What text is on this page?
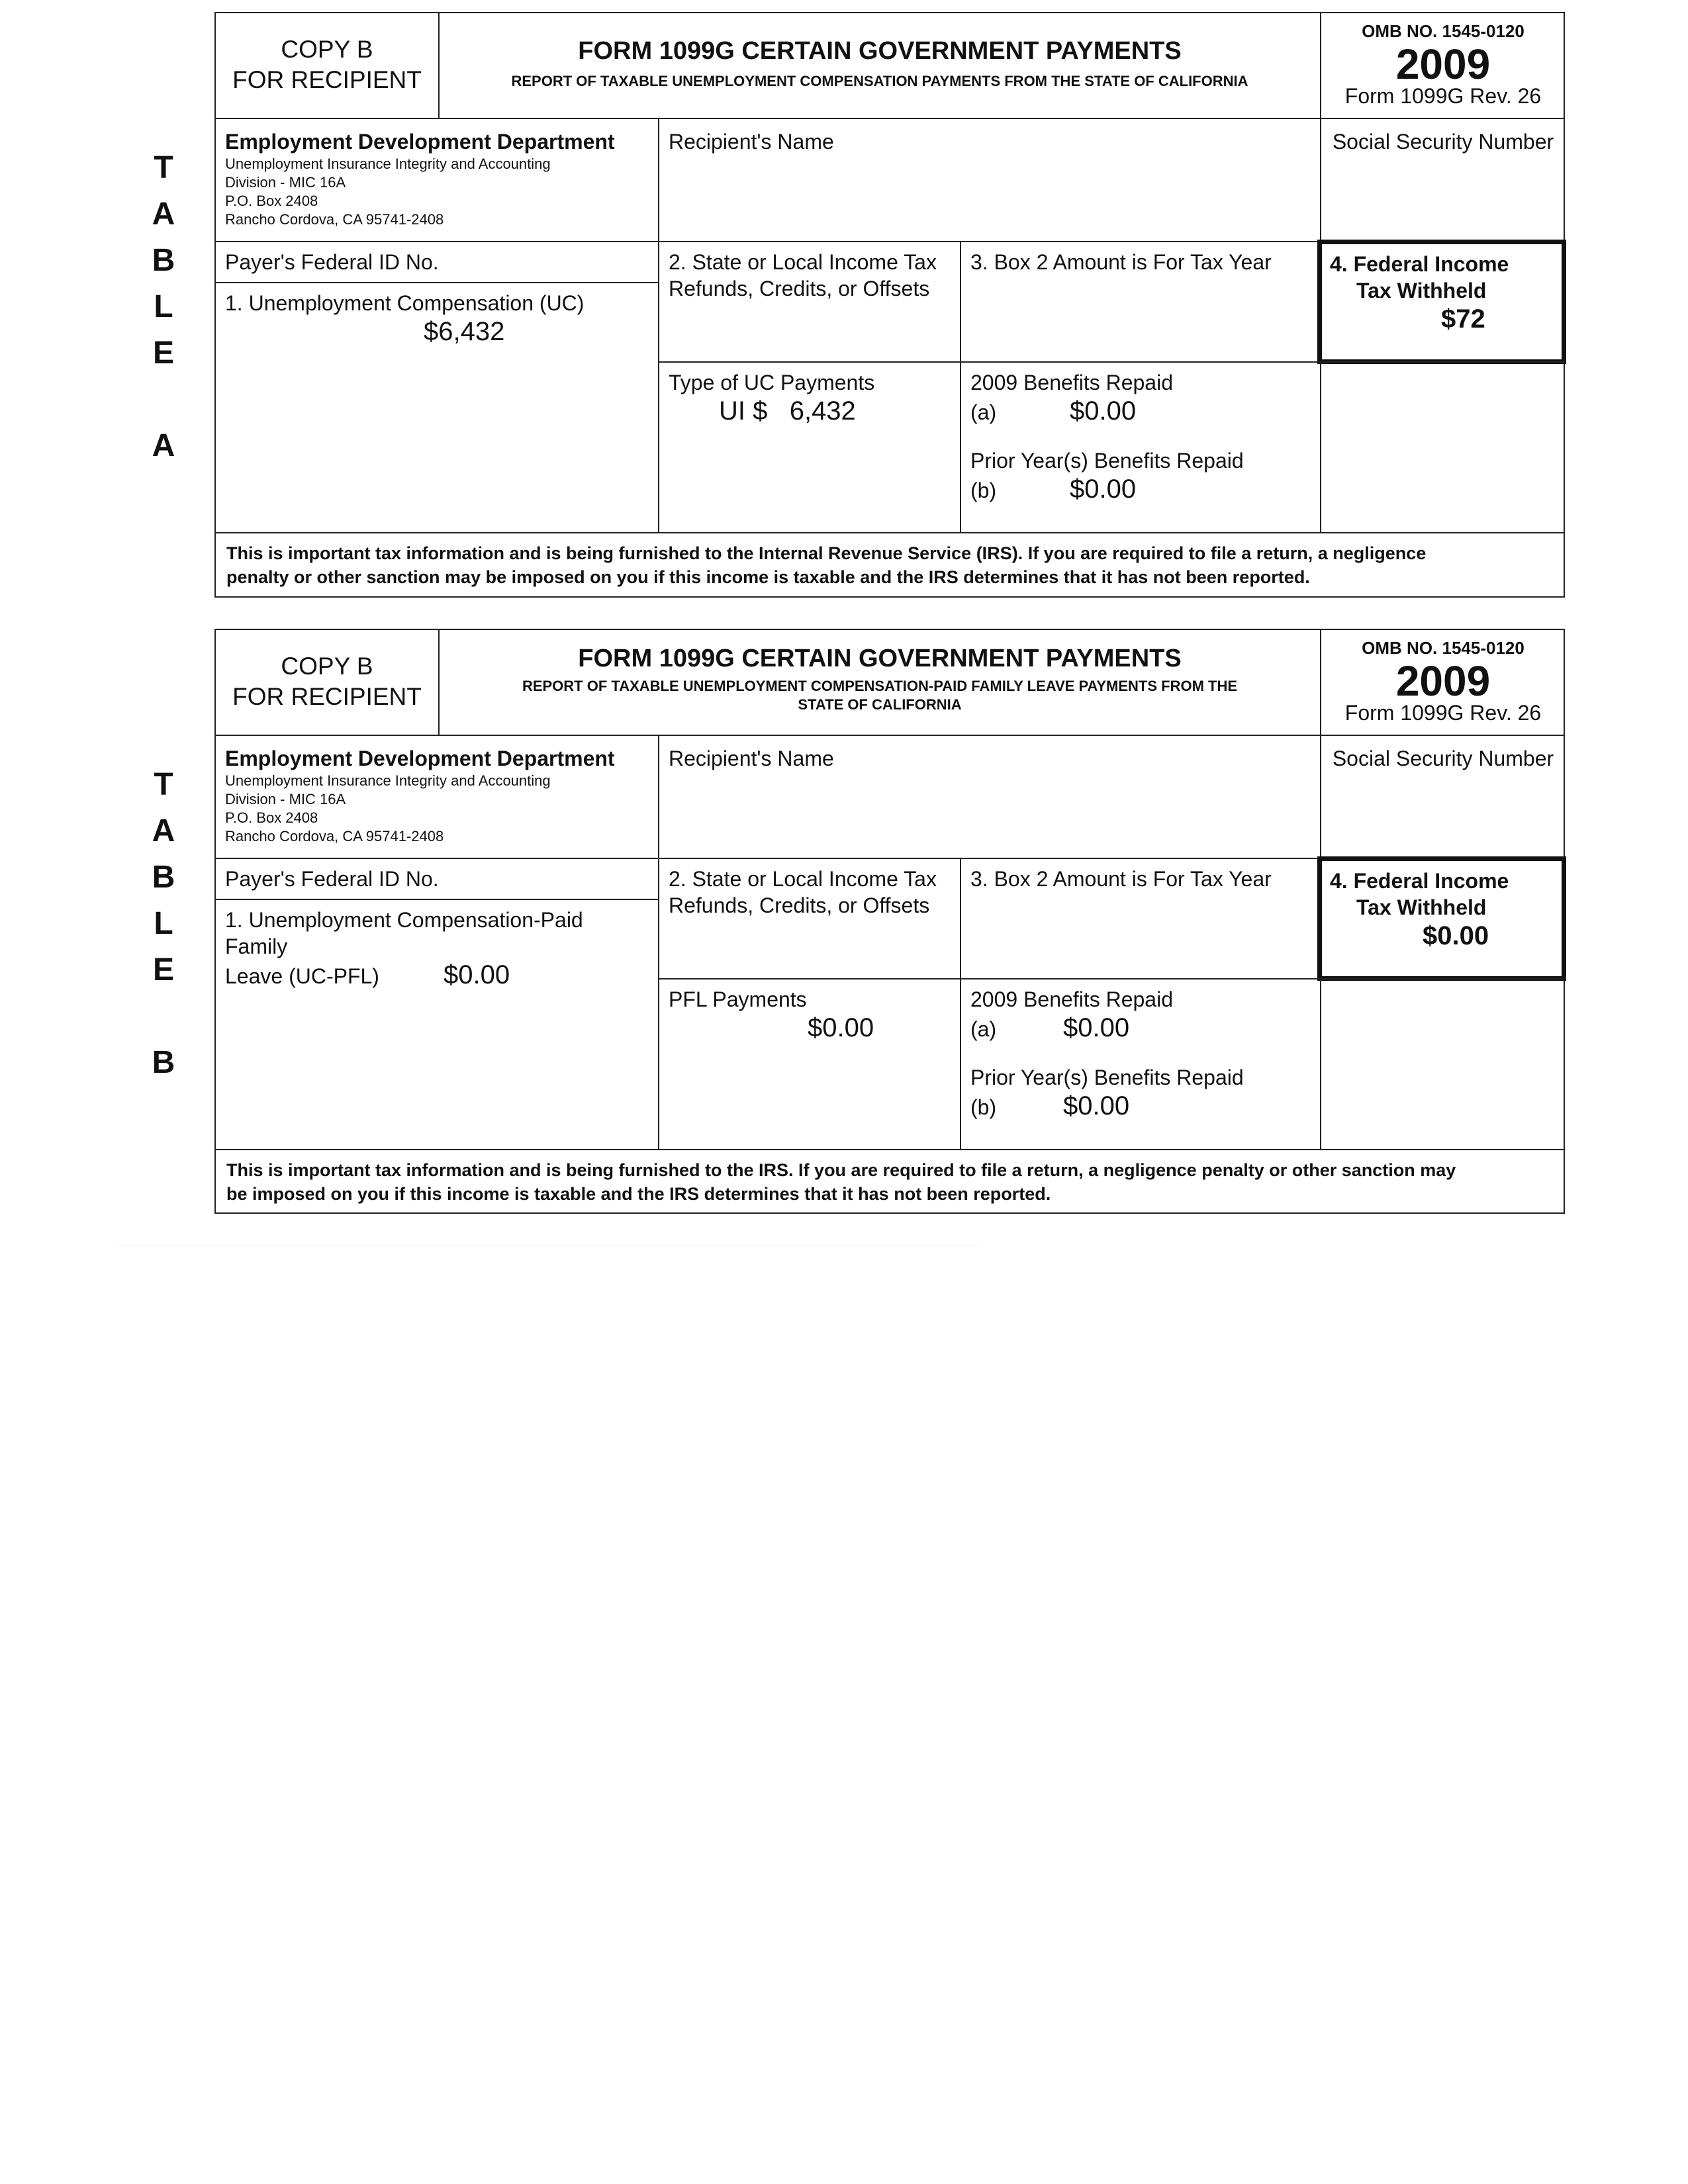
T
A
B
L
E
A
COPY B
FOR RECIPIENT
FORM 1099G CERTAIN GOVERNMENT PAYMENTS
REPORT OF TAXABLE UNEMPLOYMENT COMPENSATION PAYMENTS FROM THE STATE OF CALIFORNIA
OMB NO. 1545-0120
2009
Form 1099G Rev. 26
Employment Development Department
Unemployment Insurance Integrity and Accounting
Division - MIC 16A
P.O. Box 2408
Rancho Cordova, CA 95741-2408
Recipient's Name	Social Security Number
Payer's Federal ID No.
1. Unemployment Compensation (UC)
$6,432
2. State or Local Income Tax
Refunds, Credits, or Offsets
3. Box 2 Amount is For Tax Year	4. Federal Income
Tax Withheld
$72
Type of UC Payments
UI $ 6,432
2009 Benefits Repaid
(a)	$0.00
Prior Year(s) Benefits Repaid
(b)	$0.00
This is important tax information and is being furnished to the Internal Revenue Service (IRS). If you are required to file a return, a negligence
penalty or other sanction may be imposed on you if this income is taxable and the IRS determines that it has not been reported.
T
A
B
L
E
B
COPY B
FOR RECIPIENT
FORM 1099G CERTAIN GOVERNMENT PAYMENTS
REPORT OF TAXABLE UNEMPLOYMENT COMPENSATION-PAID FAMILY LEAVE PAYMENTS FROM THE
STATE OF CALIFORNIA
OMB NO. 1545-0120
2009
Form 1099G Rev. 26
Employment Development Department
Unemployment Insurance Integrity and Accounting
Division - MIC 16A
P.O. Box 2408
Rancho Cordova, CA 95741-2408
Recipient's Name	Social Security Number
Payer's Federal ID No.
1. Unemployment Compensation-Paid Family
Leave (UC-PFL)	$0.00
2. State or Local Income Tax
Refunds, Credits, or Offsets
3. Box 2 Amount is For Tax Year	4. Federal Income
Tax Withheld
$0.00
PFL Payments
$0.00
2009 Benefits Repaid
(a)	$0.00
Prior Year(s) Benefits Repaid
(b)	$0.00
This is important tax information and is being furnished to the IRS. If you are required to file a return, a negligence penalty or other sanction may
be imposed on you if this income is taxable and the IRS determines that it has not been reported.
